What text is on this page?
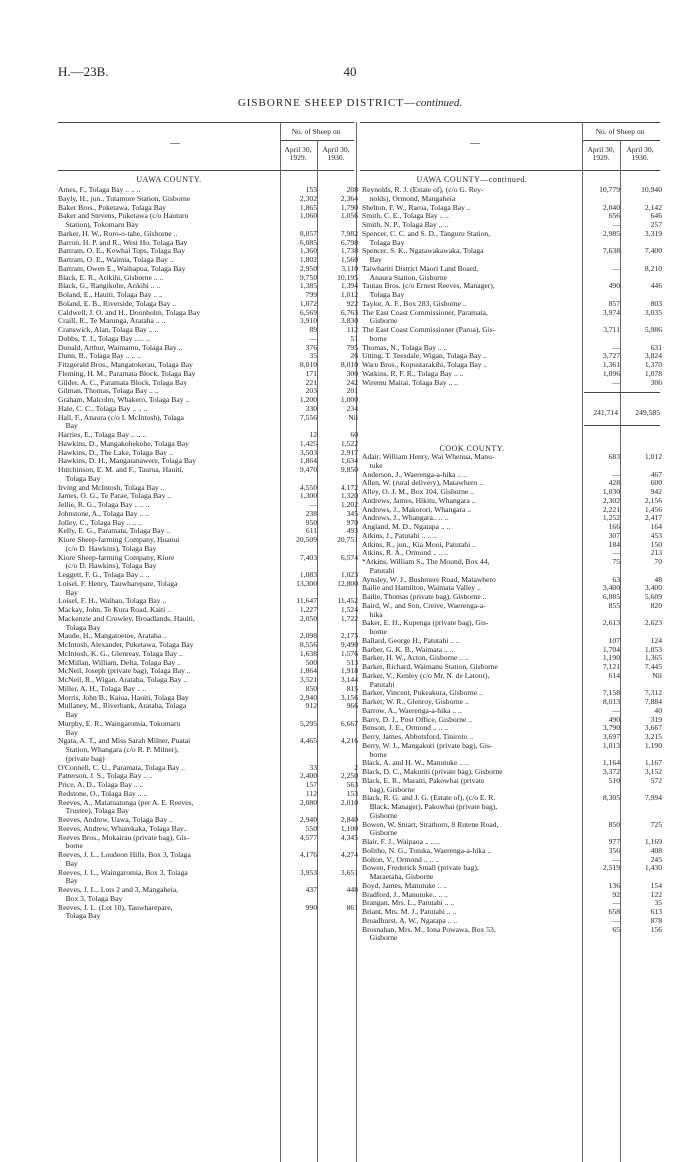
H.—23B.	40
GISBORNE SHEEP DISTRICT—continued.
—
No. of Sheep on
April 30, 1929.
April 30, 1930.
—
No. of Sheep on
April 30, 1929.
April 30, 1930.
UAWA COUNTY.
Ames, F., Tolaga Bay .. .. ..	153	208
Bayly, H., jun., Tutamore Station, Gisborne	2,302	2,364
Baker Bros., Puketawa, Tolaga Bay	1,865	1,790
Baker and Stevens, Puketawa (c/o Hauturu	1,060	1,056
 Station), Tokomaru Bay
Barker, H. W., Roro-o-tahe, Gisborne ..	8,057	7,982
Barron, H. P. and R., West Ho, Tolaga Bay	6,085	6,798
Bartram, O. E., Kowhai Tops, Tolaga Bay	1,360	1,738
Bartram, O. E., Waimia, Tolaga Bay ..	1,802	1,560
Bartram, Owen E., Waihapua, Tolaga Bay	2,950	3,110
Black, E. R., Arikihi, Gisborne .. ..	9,750	10,195
Black, G., Rangikohe, Arikihi .. ..	1,385	1,394
Boland, E., Hauiti, Tolaga Bay .. ..	799	1,012
Boland, E. B., Riverside, Tolaga Bay ..	1,072	922
Caldwell, J. O. and H., Doonholm, Tolaga Bay	6,569	6,763
Craill, R., Te Marunga, Arataha .. ..	3,910	3,830
Cranswick, Alan, Tolaga Bay .. ..	89	112
Dobbs, T. J., Tolaga Bay .. .. ..	—	51
Donald, Arthur, Waimamu, Tolaga Bay ..	376	795
Dunn, B., Tolaga Bay .. .. ..	35	26
Fitzgerald Bros., Mangatokerau, Tolaga Bay	8,010	8,010
Fleming, H. M., Paramata Block, Tolaga Bay	171	300
Gilder, A. C., Paramata Block, Tolaga Bay	221	242
Gilman, Thomas, Tolaga Bay .. ..	203	201
Graham, Malcolm, Whakero, Tolaga Bay ..	1,200	1,000
Hale, C. C., Tolaga Bay .. .. ..	330	234
Hall, F., Anaura (c/o I. McIntosh), Tolaga	7,556	Nil
 Bay
Harries, E., Tolaga Bay .. .. ..	12	60
Hawkins, D., Mangakohekohe, Tolaga Bay	1,425	1,522
Hawkins, D., The Lake, Tolaga Bay ..	3,503	2,917
Hawkins, D. H., Mangatanawere, Tolaga Bay	1,864	1,634
Hutchinson, E. M. and F., Taurua, Hauiti,	9,470	9,850
 Tolaga Bay
Irving and McIntosh, Tolaga Bay ..	4,550	4,172
James, O. G., Te Parae, Tolaga Bay ..	1,300	1,320
Jellie, R. G., Tolaga Bay .. .. ..	—	1,202
Johnstone, A., Tolaga Bay .. ..	238	345
Jolley, C., Tolaga Bay .. .. ..	950	970
Kelly, E. G., Paramata, Tolaga Bay ..	611	493
Kiore Sheep-farming Company, Huanui	20,509	20,751
 (c/o D. Hawkins), Tolaga Bay
Kiore Sheep-farming Company, Kiore	7,403	6,574
 (c/o D. Hawkins), Tolaga Bay
Leggett, F. G., Tolaga Bay .. ..	1,083	1,023
Loisel, F. Henry, Tauwharepare, Tolaga	13,300	12,800
 Bay
Loisel, F. H., Waihau, Tolaga Bay ..	11,647	11,452
Mackay, John, Te Kura Road, Kaiti ..	1,227	1,524
Mackenzie and Crowley, Broadlands, Hauiti,	2,050	1,722
 Tolaga Bay
Maude, H., Mangatoetoe, Arataha ..	2,098	2,175
McIntosh, Alexander, Puketawa, Tolaga Bay	8,556	9,490
McIntosh, K. G., Glenreay, Tolaga Bay ..	1,638	1,576
McMillan, William, Delta, Tolaga Bay ..	500	513
McNeil, Joseph (private bag), Tolaga Bay ..	1,864	1,918
McNeil, R., Wigan, Arataha, Tolaga Bay ..	3,521	3,144
Miller, A. H., Tolaga Bay .. ..	850	815
Morris, John B., Kaiua, Hauiti, Tolaga Bay	2,940	3,156
Mullaney, M., Riverbank, Arataha, Tolaga	912	966
 Bay
Murphy, E. R., Waingaromia, Tokomaru	5,295	6,667
 Bay
Ngata, A. T., and Miss Sarah Milner, Puatai	4,465	4,216
 Station, Whangara (c/o R. P. Milner),
 (private bag)
O'Connell, C. U., Paramata, Tolaga Bay ..	33	2
Patterson, J. S., Tolaga Bay .. ..	2,400	2,250
Price, A. D., Tolaga Bay .. ..	157	563
Redstone, O., Tolaga Bay .. ..	112	153
Reeves, A., Matatuatonga (per A. E. Reeves,	2,080	2,010
 Trustee), Tolaga Bay
Reeves, Andrew, Uawa, Tolaga Bay ..	2,940	2,840
Reeves, Andrew, Wharekaka, Tolaga Bay..	550	1,100
Reeves Bros., Mokairau (private bag), Gis-	4,577	4,345
 borne
Reeves, J. L., Loudeon Hills, Box 3, Tolaga	4,176	4,274
 Bay
Reeves, J. L., Waingaromia, Box 3, Tolaga	3,953	3,651
 Bay
Reeves, J. L., Lots 2 and 3, Mangaheia,	437	448
 Box 3, Tolaga Bay
Reeves, J. L. (Lot 10), Tauwharepare,	990	861
 Tolaga Bay
UAWA COUNTY—continued.
Reynolds, R. J. (Estate of), (c/o G. Rey-	10,779	10,940
 nolds), Ormond, Mangaheia
Shelton, F. W., Raroa, Tolaga Bay ..	2,040	2,142
Smith, C. E., Tolaga Bay .. ..	656	646
Smith, N. P., Tolaga Bay .. ..	—	257
Spencer, C. C. and S. D., Tanguru Station,	2,985	3,319
 Tolaga Bay
Spencer, S. K., Ngatawakawaka, Tolaga	7,638	7,400
 Bay
Taiwhariti District Maori Land Board,	—	8,210
 Anaura Station, Gisborne
Tautau Bros. (c/o Ernest Reeves, Manager),	490	446
 Tolaga Bay
Taylor, A. F., Box 283, Gisborne ..	857	803
The East Coast Commissioner, Paramata,	3,974	3,035
 Gisborne
The East Coast Commissioner (Paroa), Gis-	3,711	5,986
 borne
Thomas, N., Tolaga Bay .. ..	—	631
Utting, T. Teesdale, Wigan, Tolaga Bay ..	3,727	3,824
Waru Bros., Kopustarakihi, Tolaga Bay ..	1,361	1,370
Watkins, R. F. R., Tolaga Bay .. ..	1,096	1,078
Wiremu Maitai, Tolaga Bay .. ..	—	306
241,714	249,585
COOK COUNTY.
Adair, William Henry, Wai Whenua, Manu-	683	1,012
 tuke
Anderson, J., Waerenga-a-hika .. ..	—	467
Allen, W. (rural delivery), Matawhero ..	428	600
Alley, O. J. M., Box 104, Gisborne ..	1,030	942
Andrews, James, Hikitu, Whangara ..	2,302	2,156
Andrews, J., Makorori, Whangara ..	2,221	1,456
Andrews, J., Whangara.. .. ..	1,252	2,417
Angland, M. D., Ngatapa .. ..	166	164
Atkins, J., Patutahi .. .. ..	307	453
Atkins, R., jun., Kia Mooi, Patutahi ..	184	150
Atkins, R. A., Ormond .. .. ..	—	213
*Atkins, William S., The Mound, Box 44,	75	70
 Patutahi
Aynsley, W. J., Bushmere Road, Matawhero	63	48
Bailie and Hamilton, Waimata Valley ..	3,400	3,400
Bailie, Thomas (private bag), Gisborne ..	6,085	5,609
Baird, W., and Son, Creive, Waerenga-a-	855	820
 hika
Baker, E. H., Kupenga (private bag), Gis-	2,613	2,623
 borne
Ballard, George H., Patutahi .. ..	107	124
Barber, G. K. B., Waimata .. ..	1,704	1,853
Barker, H. W., Acton, Gisborne .. ..	1,190	1,365
Barker, Richard, Waimanu Station, Gisborne	7,121	7,445
Barker, V., Kenley (c/o Mr. N. de Latour),	614	Nil
 Patutahi
Barker, Vincent, Pukeakura, Gisborne ..	7,158	7,312
Barker, W. R., Glenroy, Gisborne ..	8,013	7,884
Barrow, A., Waerenga-a-hika .. ..	—	40
Barry, D. J., Post Office, Gisborne ..	490	319
Benson, J. E., Ormond .. .. ..	3,790	3,667
Berry, James, Abbotsford, Tiniroto ..	3,697	3,215
Berry, W. J., Mangakuri (private bag), Gis-	1,013	1,190
 borne
Black, A. and H. W., Manutuke .. ..	1,164	1,167
Black, D. C., Makuriti (private bag), Gisborne	3,372	3,152
Black, E. R., Maraiti, Pakowhai (private	510	572
 bag), Gisborne
Black, R. G. and J. G. (Estate of), (c/o E. R.	8,305	7,994
 Black, Manager), Pakowhai (private bag),
 Gisborne
Bowen, W. Stuart, Strathorn, 8 Rutene Road,	850	725
 Gisborne
Blair, F. J., Waipaoa .. .. ..	977	1,169
Bolitho, N. G., Tutuka, Waerenga-a-hika ..	356	408
Bolton, V., Ormond .. .. ..	—	245
Bowen, Frederick Small (private bag),	2,519	1,430
 Maraetaha, Gisborne
Boyd, James, Manutuke .. ..	136	154
Bradford, J., Manutuke.. .. ..	92	122
Brangan, Mrs. L., Patutahi .. ..	—	35
Briant, Mrs. M. J., Patutahi .. ..	658	613
Broadhurst, A. W., Ngatapa .. ..	—	878
Brosnahan, Mrs. M., Iona Powawa, Box 53,	65	156
 Gisborne
